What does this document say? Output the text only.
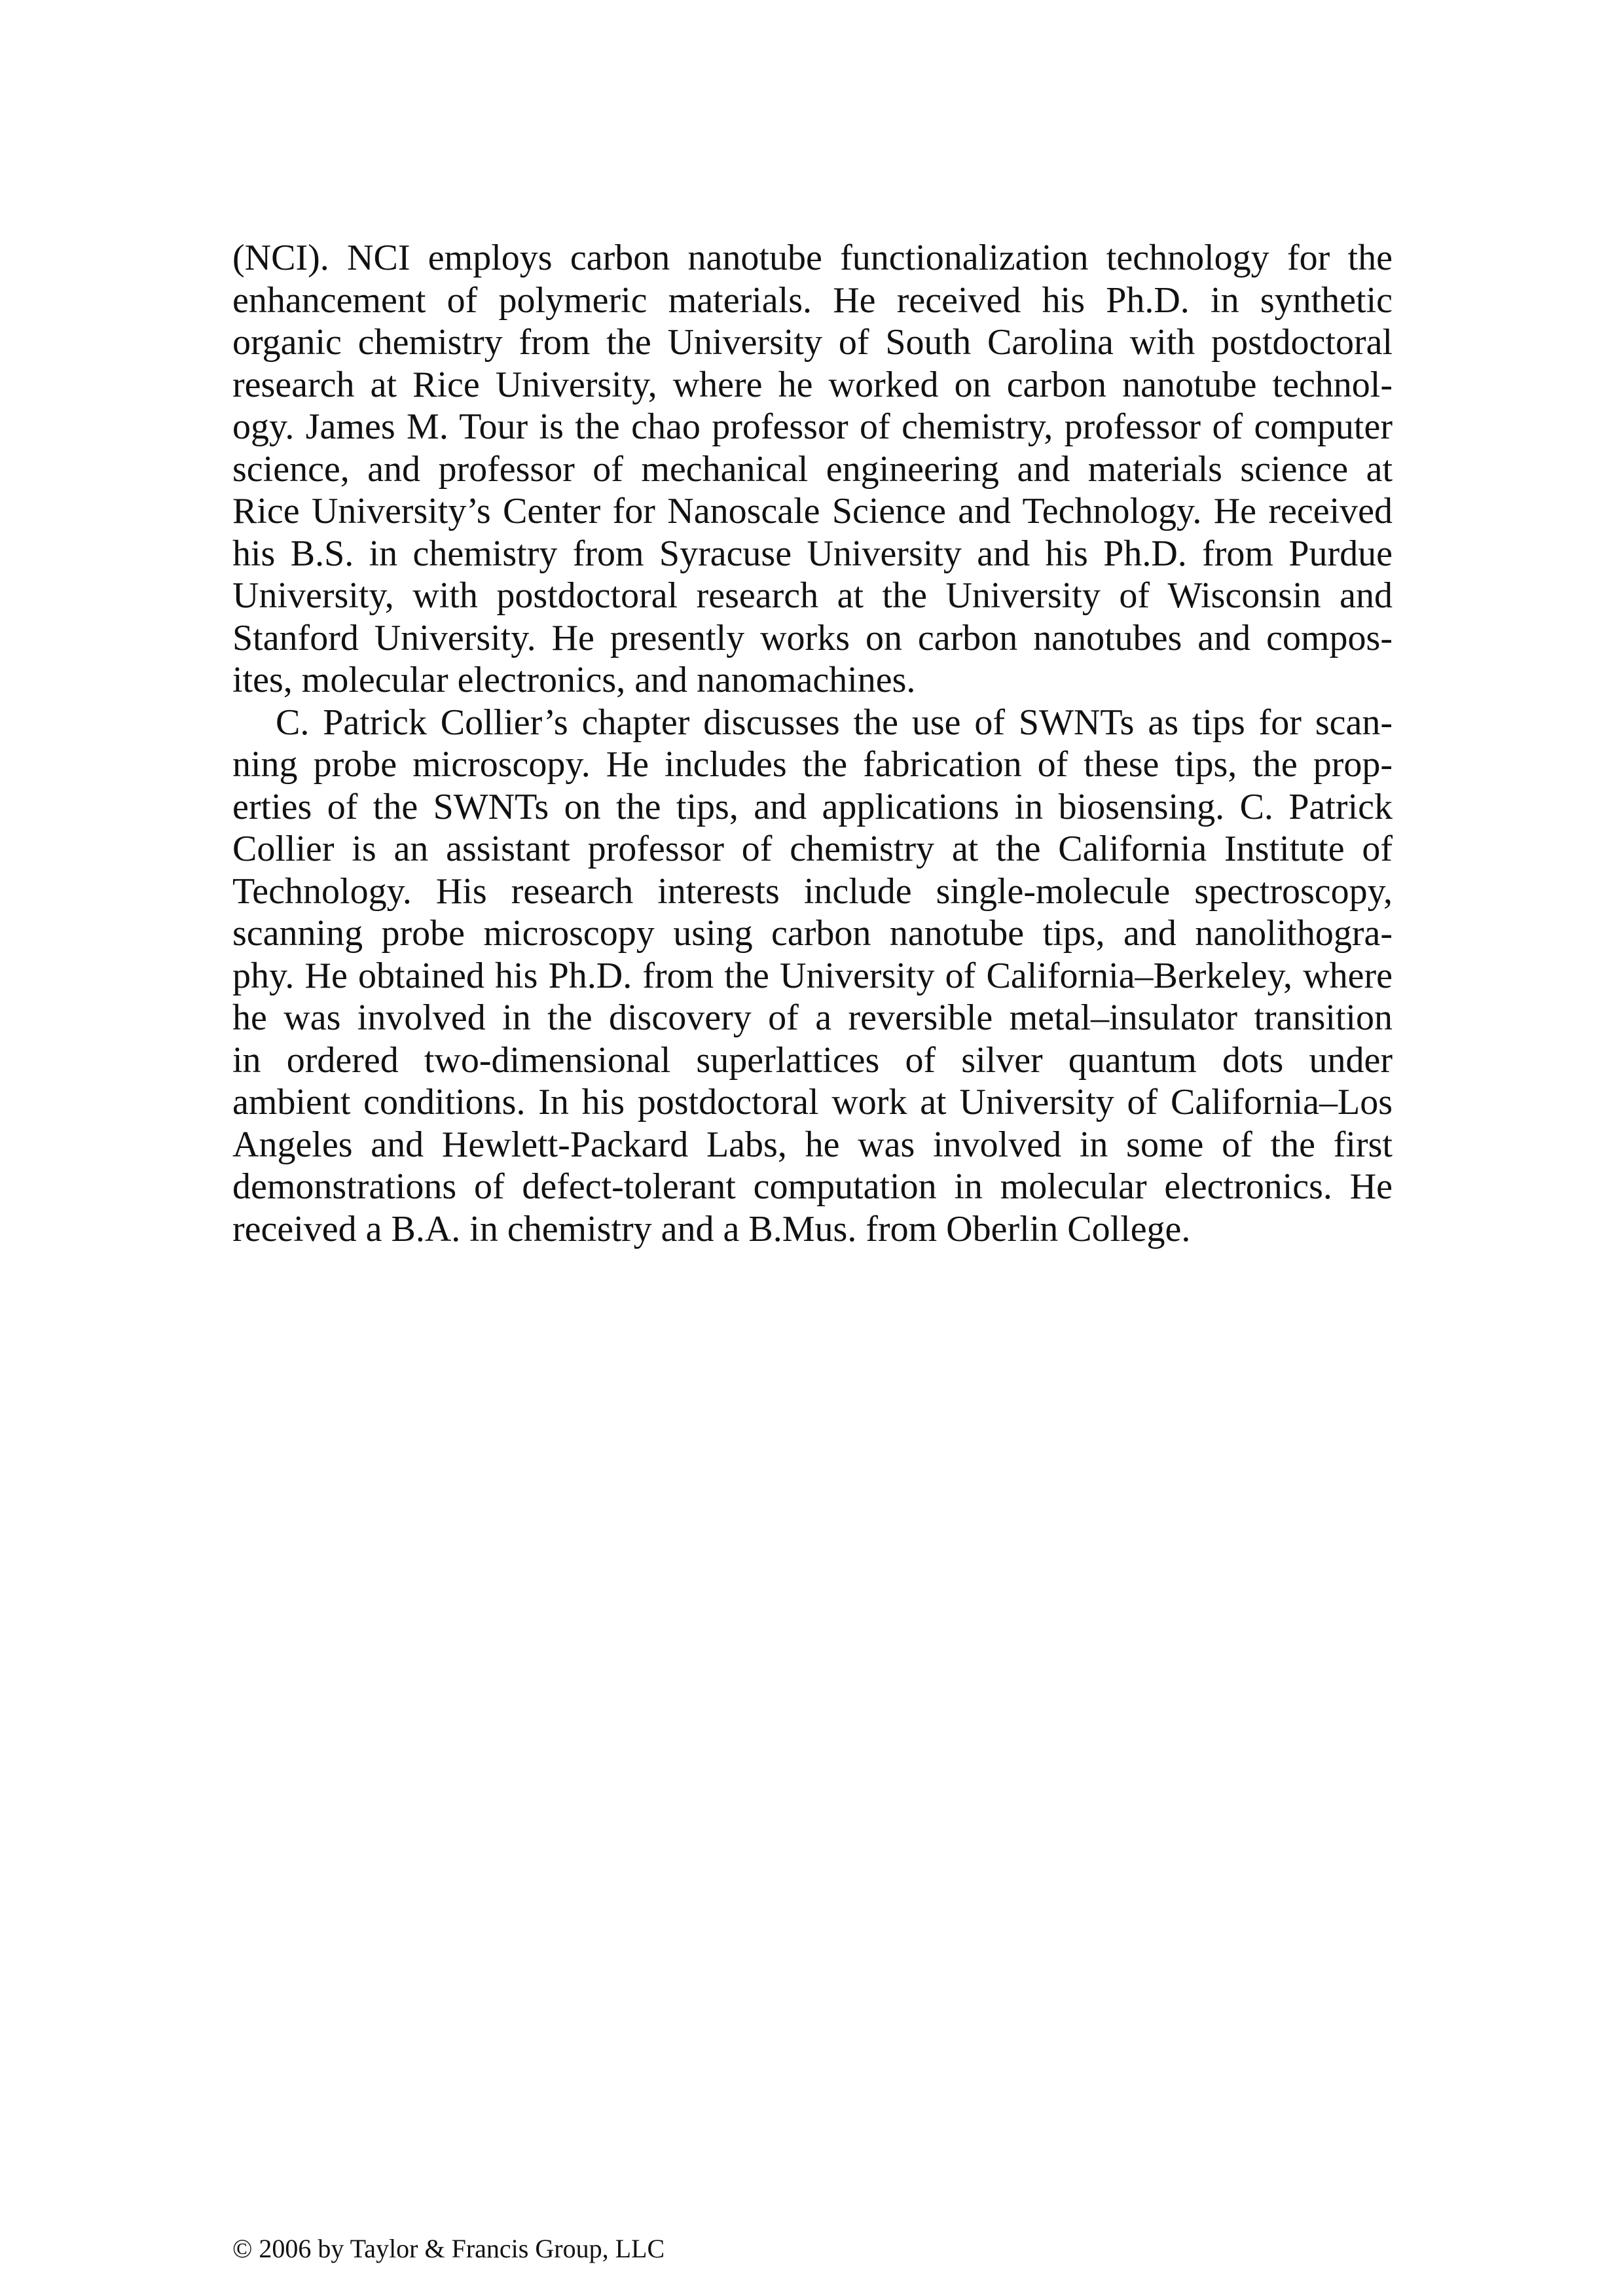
(NCI). NCI employs carbon nanotube functionalization technology for the
enhancement of polymeric materials. He received his Ph.D. in synthetic
organic chemistry from the University of South Carolina with postdoctoral
research at Rice University, where he worked on carbon nanotube technol-
ogy. James M. Tour is the chao professor of chemistry, professor of computer
science, and professor of mechanical engineering and materials science at
Rice University’s Center for Nanoscale Science and Technology. He received
his B.S. in chemistry from Syracuse University and his Ph.D. from Purdue
University, with postdoctoral research at the University of Wisconsin and
Stanford University. He presently works on carbon nanotubes and compos-
ites, molecular electronics, and nanomachines.
C. Patrick Collier’s chapter discusses the use of SWNTs as tips for scan-
ning probe microscopy. He includes the fabrication of these tips, the prop-
erties of the SWNTs on the tips, and applications in biosensing. C. Patrick
Collier is an assistant professor of chemistry at the California Institute of
Technology. His research interests include single-molecule spectroscopy,
scanning probe microscopy using carbon nanotube tips, and nanolithogra-
phy. He obtained his Ph.D. from the University of California–Berkeley, where
he was involved in the discovery of a reversible metal–insulator transition
in ordered two-dimensional superlattices of silver quantum dots under
ambient conditions. In his postdoctoral work at University of California–Los
Angeles and Hewlett-Packard Labs, he was involved in some of the first
demonstrations of defect-tolerant computation in molecular electronics. He
received a B.A. in chemistry and a B.Mus. from Oberlin College.
© 2006 by Taylor & Francis Group, LLC
